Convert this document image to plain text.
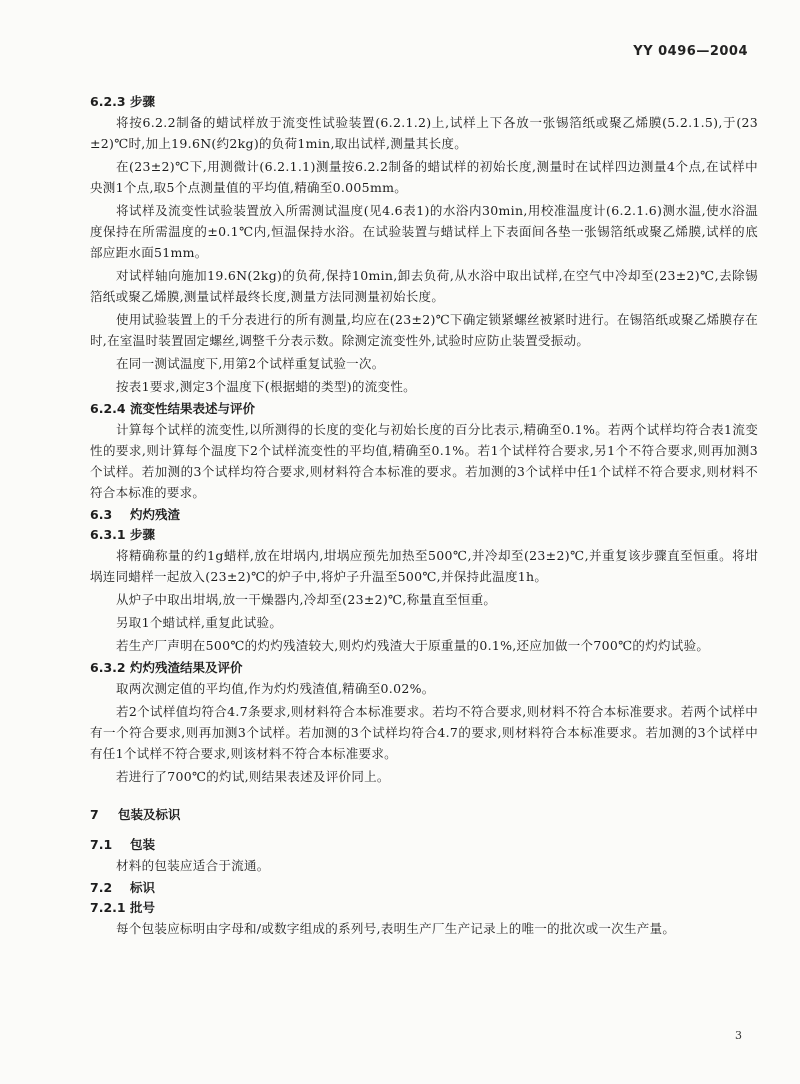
YY 0496—2004
6.2.3 步骤

将按6.2.2制备的蜡试样放于流变性试验装置(6.2.1.2)上,试样上下各放一张锡箔纸或聚乙烯膜(5.2.1.5),于(23±2)℃时,加上19.6N(约2kg)的负荷1min,取出试样,测量其长度。

在(23±2)℃下,用测微计(6.2.1.1)测量按6.2.2制备的蜡试样的初始长度,测量时在试样四边测量4个点,在试样中央测1个点,取5个点测量值的平均值,精确至0.005mm。

将试样及流变性试验装置放入所需测试温度(见4.6表1)的水浴内30min,用校准温度计(6.2.1.6)测水温,使水浴温度保持在所需温度的±0.1℃内,恒温保持水浴。在试验装置与蜡试样上下表面间各垫一张锡箔纸或聚乙烯膜,试样的底部应距水面51mm。

对试样轴向施加19.6N(2kg)的负荷,保持10min,卸去负荷,从水浴中取出试样,在空气中冷却至(23±2)℃,去除锡箔纸或聚乙烯膜,测量试样最终长度,测量方法同测量初始长度。

使用试验装置上的千分表进行的所有测量,均应在(23±2)℃下确定锁紧螺丝被紧时进行。在锡箔纸或聚乙烯膜存在时,在室温时装置固定螺丝,调整千分表示数。除测定流变性外,试验时应防止装置受振动。

在同一测试温度下,用第2个试样重复试验一次。

按表1要求,测定3个温度下(根据蜡的类型)的流变性。

6.2.4 流变性结果表述与评价

计算每个试样的流变性,以所测得的长度的变化与初始长度的百分比表示,精确至0.1%。若两个试样均符合表1流变性的要求,则计算每个温度下2个试样流变性的平均值,精确至0.1%。若1个试样符合要求,另1个不符合要求,则再加测3个试样。若加测的3个试样均符合要求,则材料符合本标准的要求。若加测的3个试样中任1个试样不符合要求,则材料不符合本标准的要求。

6.3 灼灼残渣
6.3.1 步骤

将精确称量的约1g蜡样,放在坩埚内,坩埚应预先加热至500℃,并冷却至(23±2)℃,并重复该步骤直至恒重。将坩埚连同蜡样一起放入(23±2)℃的炉子中,将炉子升温至500℃,并保持此温度1h。

从炉子中取出坩埚,放一干燥器内,冷却至(23±2)℃,称量直至恒重。

另取1个蜡试样,重复此试验。

若生产厂声明在500℃的灼灼残渣较大,则灼灼残渣大于原重量的0.1%,还应加做一个700℃的灼灼试验。

6.3.2 灼灼残渣结果及评价

取两次测定值的平均值,作为灼灼残渣值,精确至0.02%。

若2个试样值均符合4.7条要求,则材料符合本标准要求。若均不符合要求,则材料不符合本标准要求。若两个试样中有一个符合要求,则再加测3个试样。若加测的3个试样均符合4.7的要求,则材料符合本标准要求。若加测的3个试样中有任1个试样不符合要求,则该材料不符合本标准要求。

若进行了700℃的灼试,则结果表述及评价同上。

7 包装及标识
7.1 包装

材料的包装应适合于流通。

7.2 标识
7.2.1 批号

每个包装应标明由字母和/或数字组成的系列号,表明生产厂生产记录上的唯一的批次或一次生产量。

3
